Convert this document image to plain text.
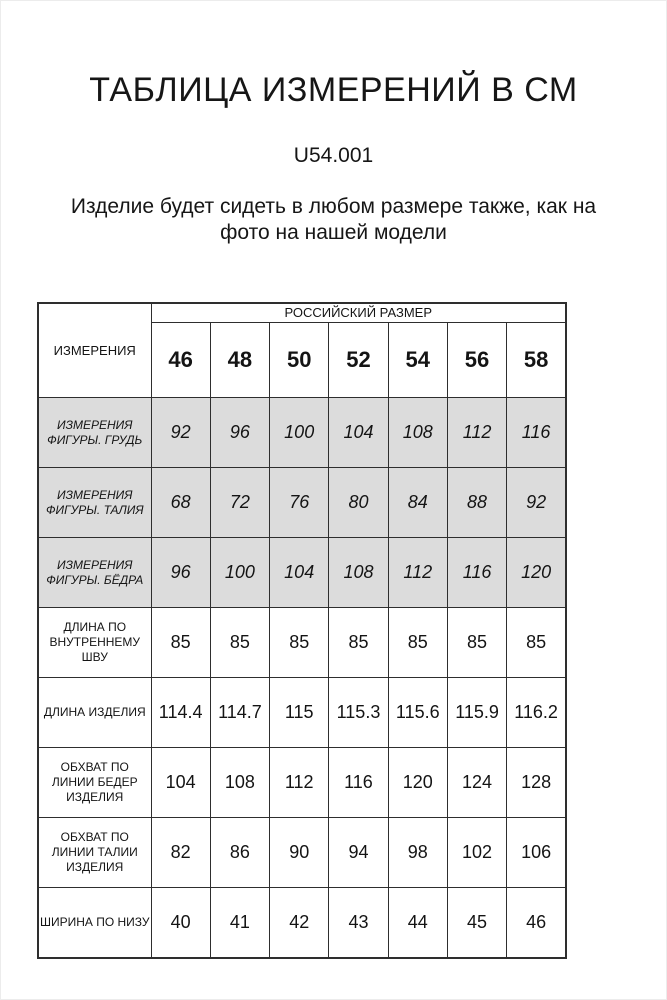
ТАБЛИЦА ИЗМЕРЕНИЙ В СМ
U54.001
Изделие будет сидеть в любом размере также, как на
фото на нашей модели
ИЗМЕРЕНИЯ	РОССИЙСКИЙ РАЗМЕР						
	46	48	50	52	54	56	58
ИЗМЕРЕНИЯ ФИГУРЫ. ГРУДЬ	92	96	100	104	108	112	116
ИЗМЕРЕНИЯ ФИГУРЫ. ТАЛИЯ	68	72	76	80	84	88	92
ИЗМЕРЕНИЯ ФИГУРЫ. БЁДРА	96	100	104	108	112	116	120
ДЛИНА ПО ВНУТРЕННЕМУ ШВУ	85	85	85	85	85	85	85
ДЛИНА ИЗДЕЛИЯ	114.4	114.7	115	115.3	115.6	115.9	116.2
ОБХВАТ ПО ЛИНИИ БЕДЕР ИЗДЕЛИЯ	104	108	112	116	120	124	128
ОБХВАТ ПО ЛИНИИ ТАЛИИ ИЗДЕЛИЯ	82	86	90	94	98	102	106
ШИРИНА ПО НИЗУ	40	41	42	43	44	45	46
